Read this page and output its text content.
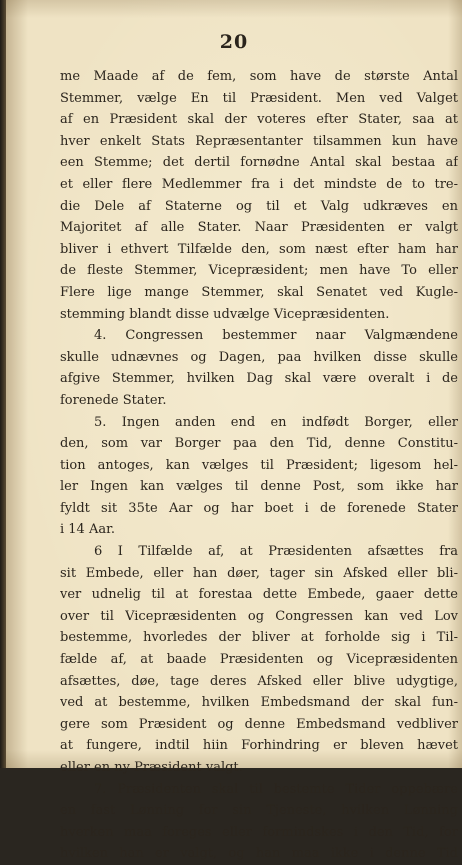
20
me Maade af de fem, som have de største Antal
Stemmer, vælge En til Præsident. Men ved Valget
af en Præsident skal der voteres efter Stater, saa at
hver enkelt Stats Repræsentanter tilsammen kun have
een Stemme; det dertil fornødne Antal skal bestaa af
et eller flere Medlemmer fra i det mindste de to tre-
die Dele af Staterne og til et Valg udkræves en
Majoritet af alle Stater. Naar Præsidenten er valgt
bliver i ethvert Tilfælde den, som næst efter ham har
de fleste Stemmer, Vicepræsident; men have To eller
Flere lige mange Stemmer, skal Senatet ved Kugle-
stemming blandt disse udvælge Vicepræsidenten.
4. Congressen bestemmer naar Valgmændene
skulle udnævnes og Dagen, paa hvilken disse skulle
afgive Stemmer, hvilken Dag skal være overalt i de
forenede Stater.
5. Ingen anden end en indfødt Borger, eller
den, som var Borger paa den Tid, denne Constitu-
tion antoges, kan vælges til Præsident; ligesom hel-
ler Ingen kan vælges til denne Post, som ikke har
fyldt sit 35te Aar og har boet i de forenede Stater
i 14 Aar.
6 I Tilfælde af, at Præsidenten afsættes fra
sit Embede, eller han døer, tager sin Afsked eller bli-
ver udnelig til at forestaa dette Embede, gaaer dette
over til Vicepræsidenten og Congressen kan ved Lov
bestemme, hvorledes der bliver at forholde sig i Til-
fælde af, at baade Præsidenten og Vicepræsidenten
afsættes, døe, tage deres Afsked eller blive udygtige,
ved at bestemme, hvilken Embedsmand der skal fun-
gere som Præsident og denne Embedsmand vedbliver
at fungere, indtil hiin Forhindring er bleven hævet
eller en ny Præsident valgt.
7. Præsidenten skal til bestemte Tider oppebære
en fast Lønning for sin Tjeneste, hvilken Lønning
hverken maa foreges eller formindskes i den Tid, for
hvilken han er valgt, og han maa ikke i denne Tid
